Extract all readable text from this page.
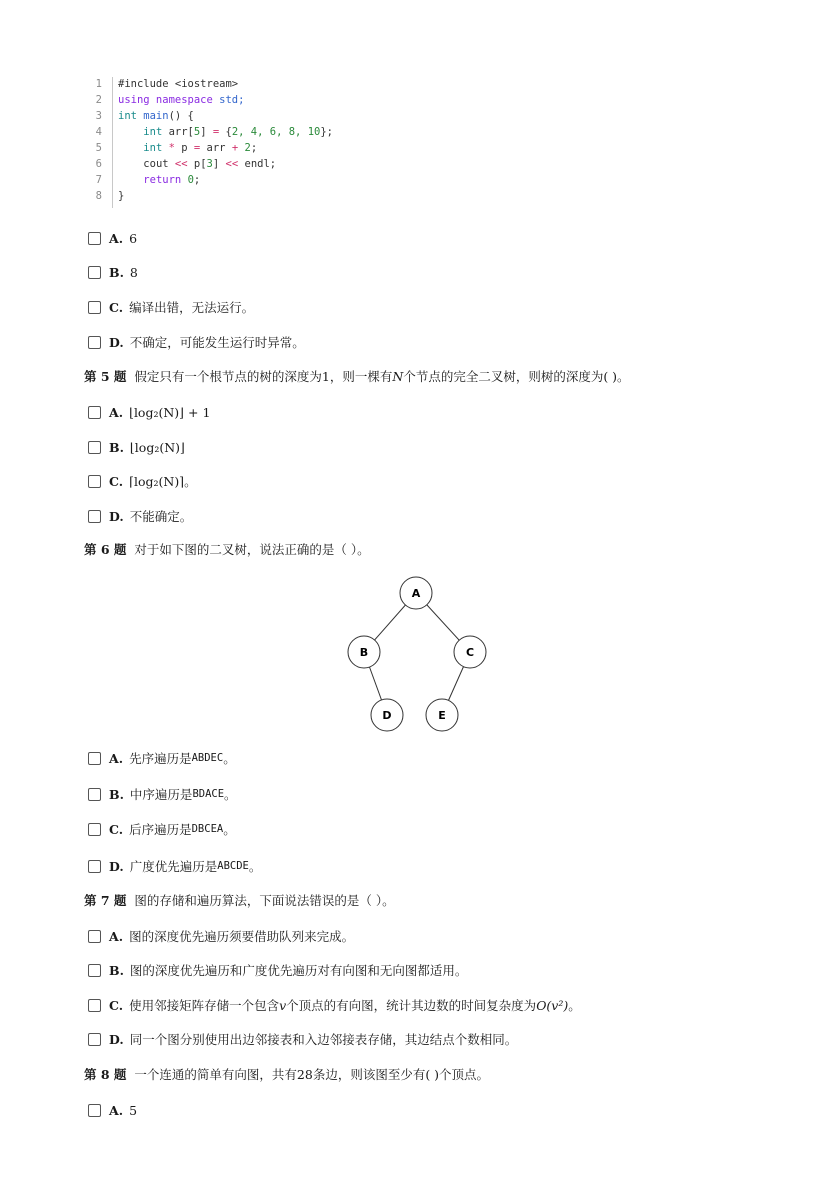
1 #include <iostream>
2 using namespace std;
3 int main() {
4	int arr[5] = {2, 4, 6, 8, 10};
5	int * p = arr + 2;
6	cout << p[3] << endl;
7	return 0;
8 }
A. 6
B. 8
C. 编译出错，无法运行。
D. 不确定，可能发生运行时异常。
第 5 题 假定只有一个根节点的树的深度为1，则一棵有N个节点的完全二叉树，则树的深度为( )。
A. ⌊log₂(N)⌋ + 1
B. ⌊log₂(N)⌋
C. ⌈log₂(N)⌉。
D. 不能确定。
第 6 题 对于如下图的二叉树，说法正确的是（ ）。
A
B	C
D	E
A. 先序遍历是 ABDEC 。
B. 中序遍历是 BDACE 。
C. 后序遍历是 DBCEA 。
D. 广度优先遍历是 ABCDE 。
第 7 题 图的存储和遍历算法，下面说法错误的是（ ）。
A. 图的深度优先遍历须要借助队列来完成。
B. 图的深度优先遍历和广度优先遍历对有向图和无向图都适用。
C. 使用邻接矩阵存储一个包含 v 个顶点的有向图，统计其边数的时间复杂度为 O(v²) 。
D. 同一个图分别使用出边邻接表和入边邻接表存储，其边结点个数相同。
第 8 题 一个连通的简单有向图，共有28条边，则该图至少有( )个顶点。
A. 5
